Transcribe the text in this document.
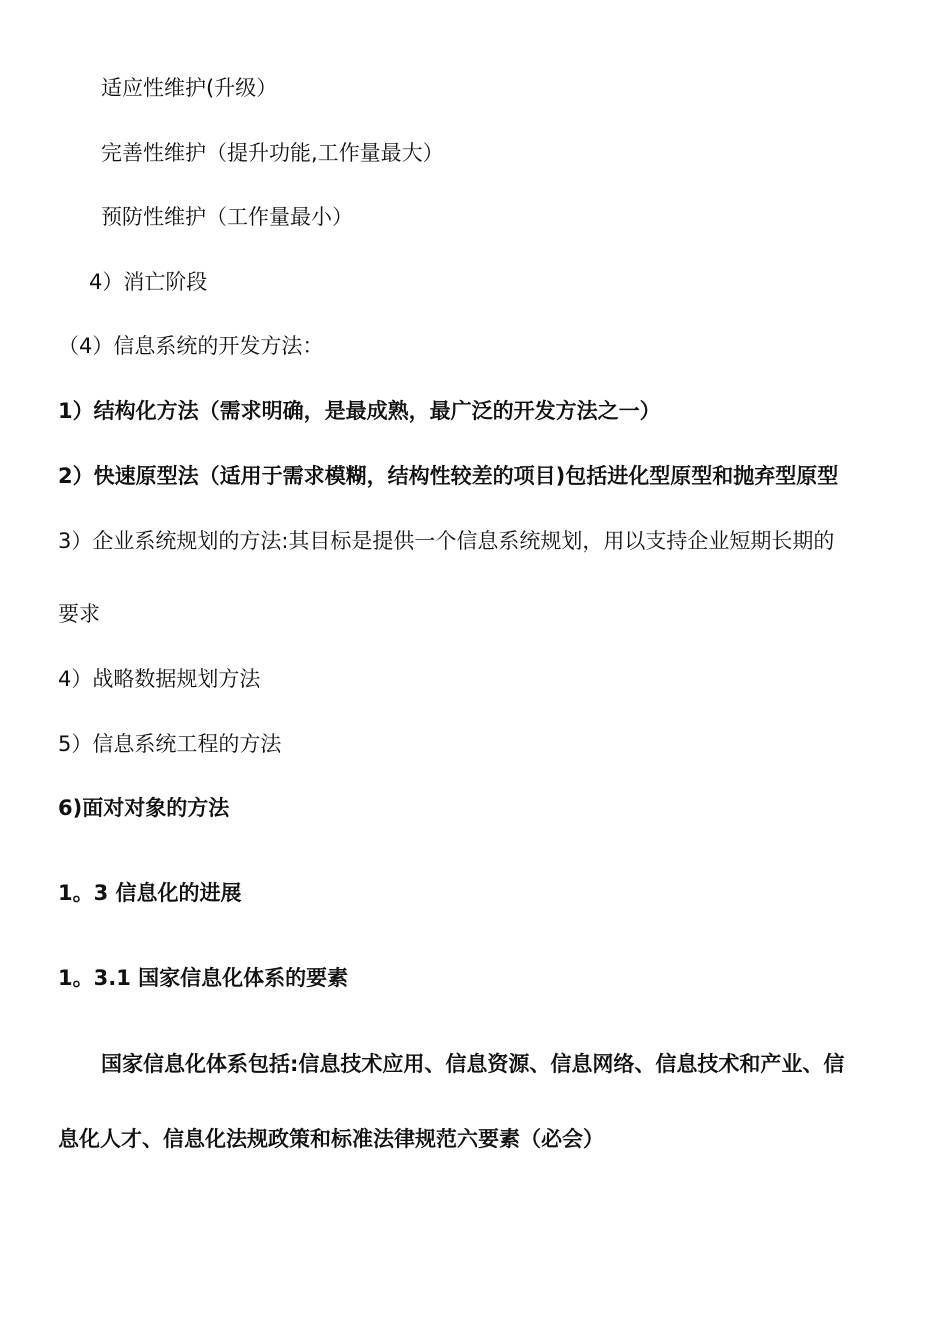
适应性维护(升级）
完善性维护（提升功能,工作量最大）
预防性维护（工作量最小）
4）消亡阶段
（4）信息系统的开发方法：
1）结构化方法（需求明确，是最成熟，最广泛的开发方法之一）
2）快速原型法（适用于需求模糊，结构性较差的项目)包括进化型原型和抛弃型原型
3）企业系统规划的方法:其目标是提供一个信息系统规划，用以支持企业短期长期的
要求
4）战略数据规划方法
5）信息系统工程的方法
6)面对对象的方法
1。3 信息化的进展
1。3.1 国家信息化体系的要素
国家信息化体系包括:信息技术应用、信息资源、信息网络、信息技术和产业、信
息化人才、信息化法规政策和标准法律规范六要素（必会）
